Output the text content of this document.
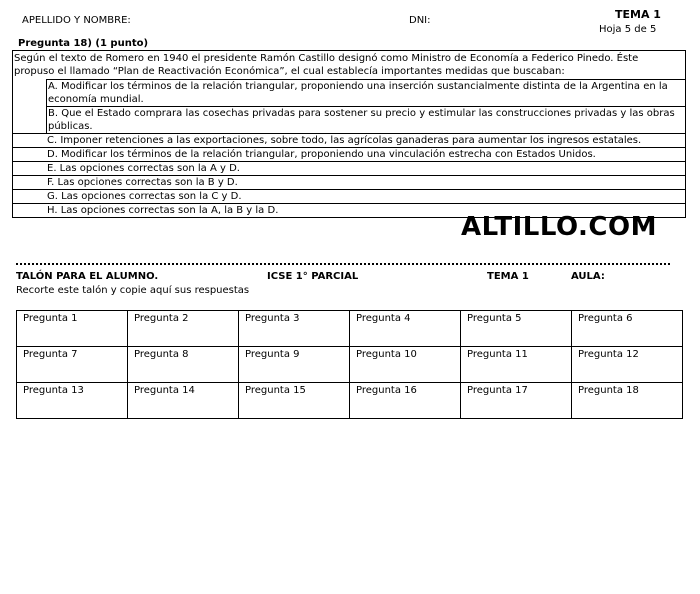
APELLIDO Y NOMBRE:	DNI:	TEMA 1
Hoja 5 de 5
Pregunta 18) (1 punto)
Según el texto de Romero en 1940 el presidente Ramón Castillo designó como Ministro de Economía a Federico Pinedo. Éste
propuso el llamado “Plan de Reactivación Económica”, el cual establecía importantes medidas que buscaban:
A. Modificar los términos de la relación triangular, proponiendo una inserción sustancialmente distinta de la Argentina en la economía mundial.
B. Que el Estado comprara las cosechas privadas para sostener su precio y estimular las construcciones privadas y las obras públicas.
C. Imponer retenciones a las exportaciones, sobre todo, las agrícolas ganaderas para aumentar los ingresos estatales.
D. Modificar los términos de la relación triangular, proponiendo una vinculación estrecha con Estados Unidos.
E. Las opciones correctas son la A y D.
F. Las opciones correctas son la B y D.
G. Las opciones correctas son la C y D.
H. Las opciones correctas son la A, la B y la D.
ALTILLO.COM
TALÓN PARA EL ALUMNO.	ICSE 1° PARCIAL	TEMA 1	AULA:
Recorte este talón y copie aquí sus respuestas
Pregunta 1	Pregunta 2	Pregunta 3	Pregunta 4	Pregunta 5	Pregunta 6
Pregunta 7	Pregunta 8	Pregunta 9	Pregunta 10	Pregunta 11	Pregunta 12
Pregunta 13	Pregunta 14	Pregunta 15	Pregunta 16	Pregunta 17	Pregunta 18
